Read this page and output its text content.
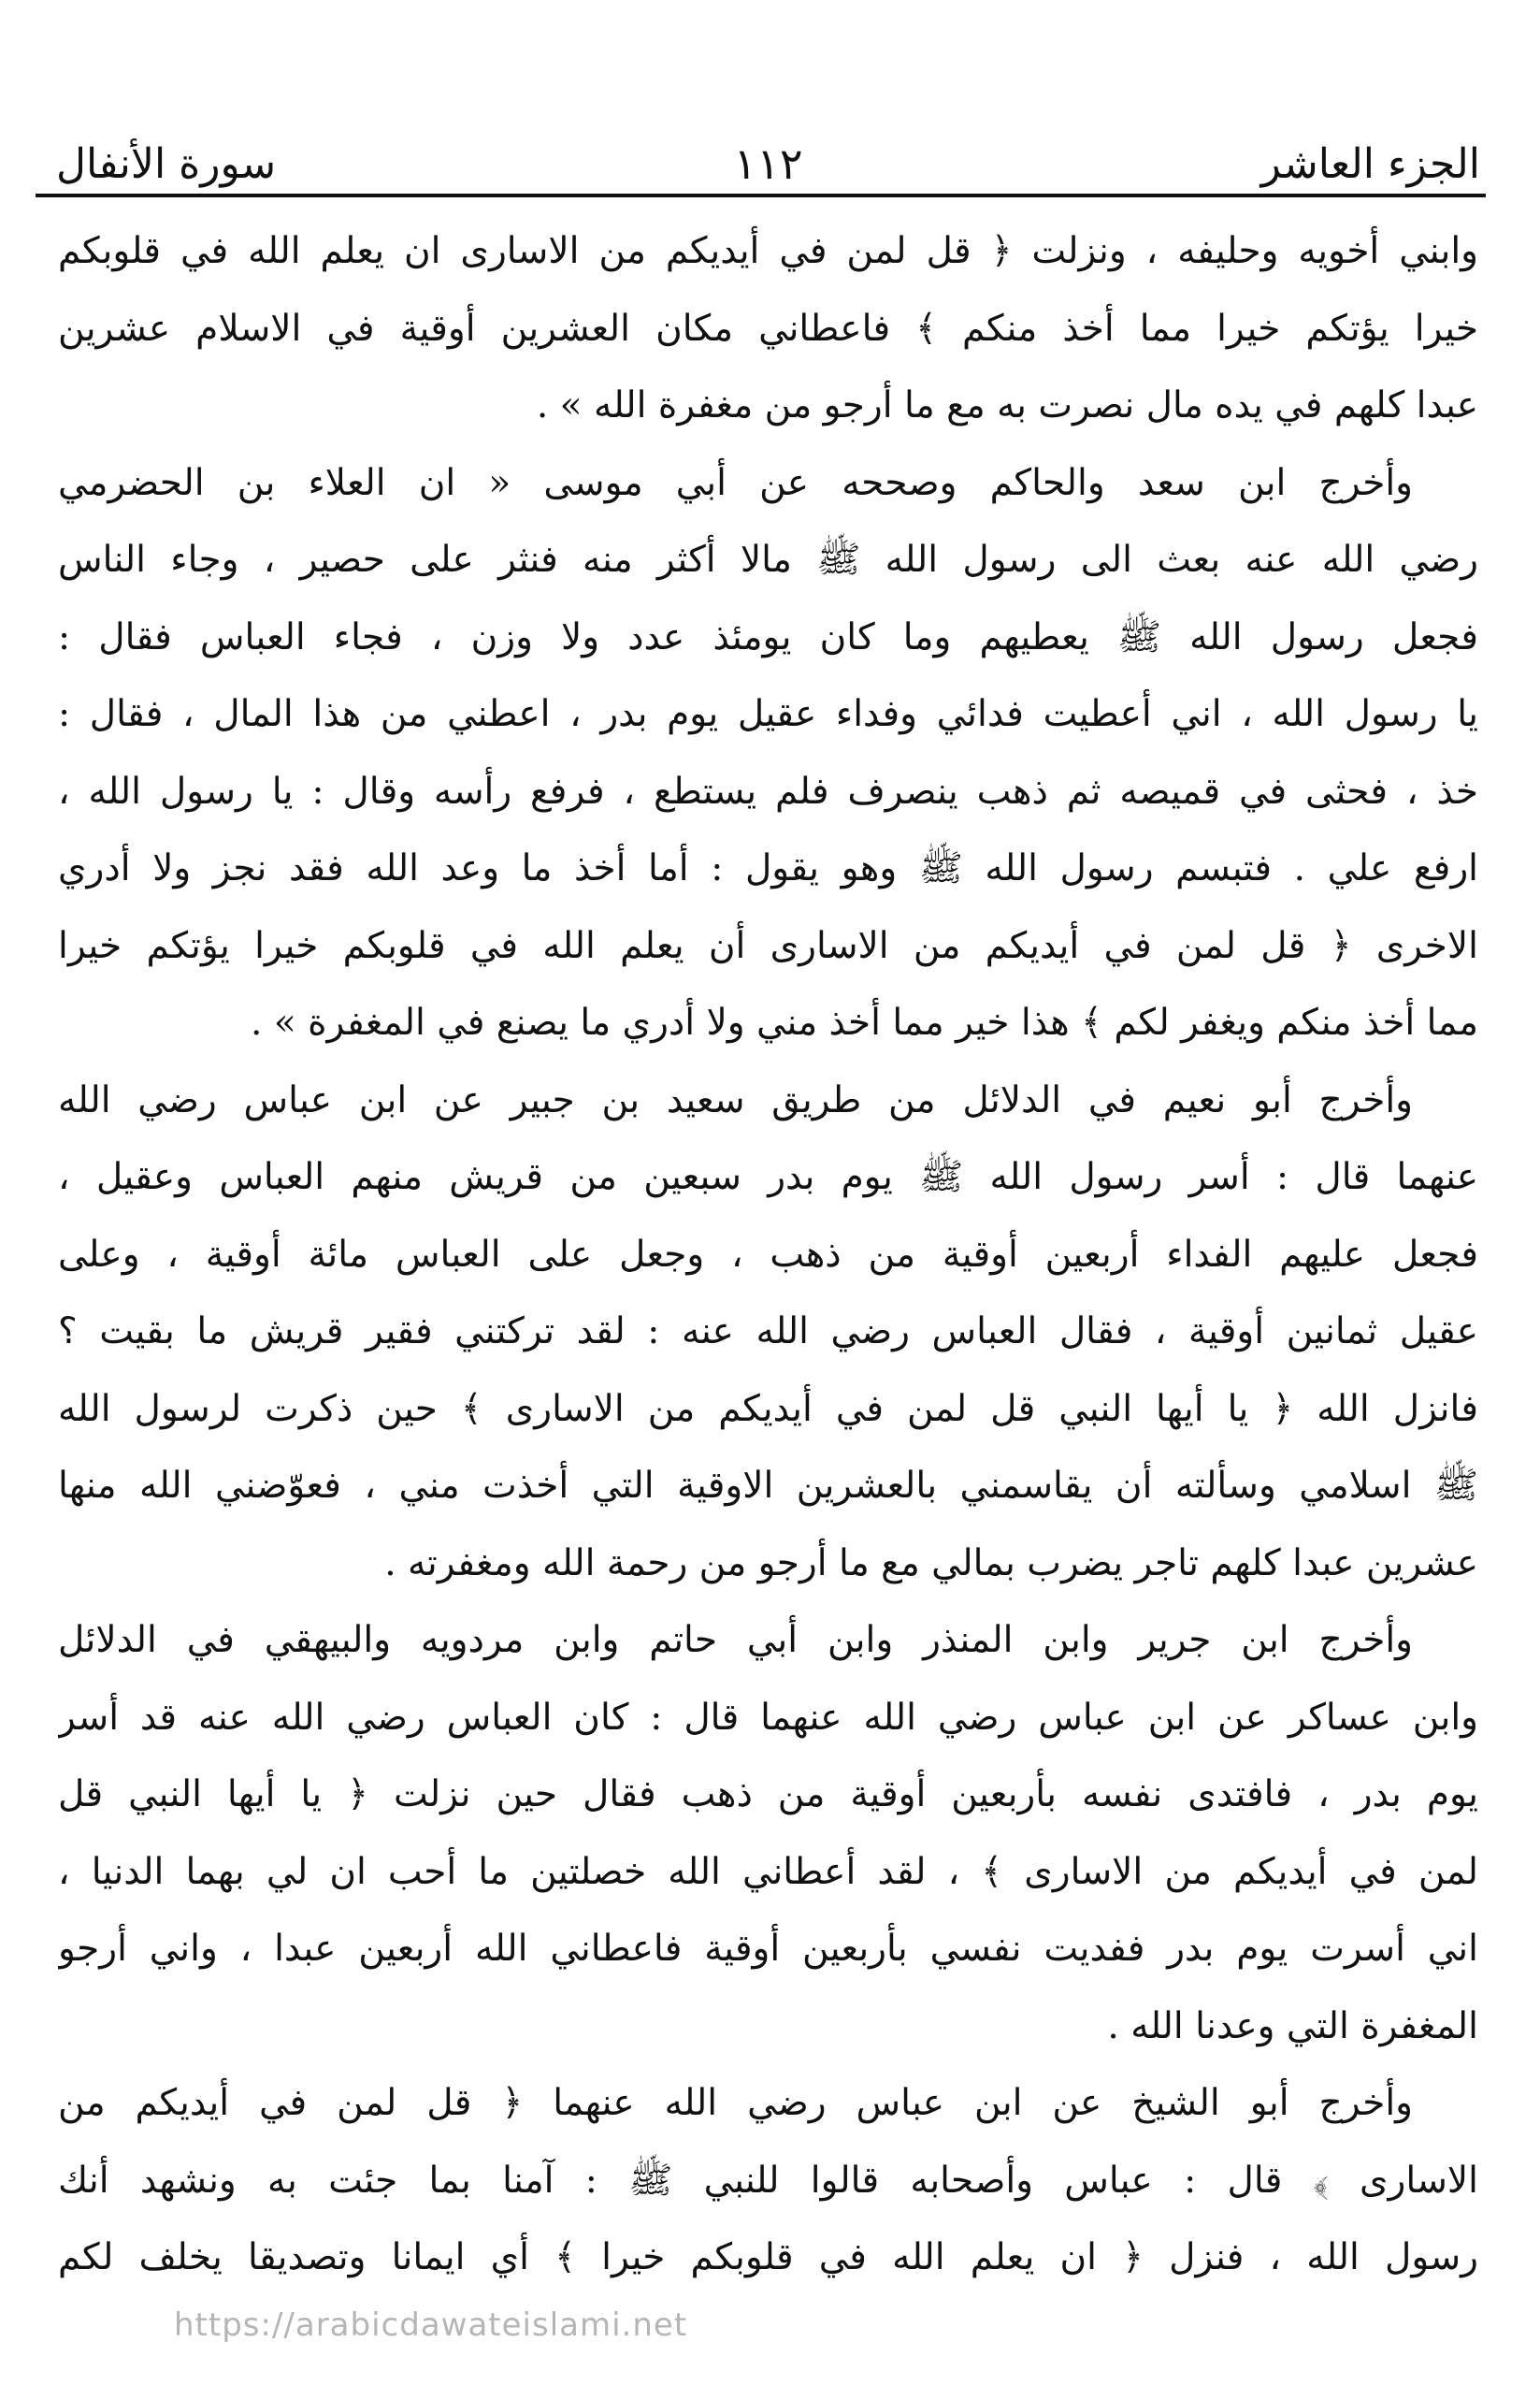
الجزء العاشر
١١٢
سورة الأنفال
وابني أخويه وحليفه ، ونزلت ﴿ قل لمن في أيديكم من الاسارى ان يعلم الله في قلوبكم
خيرا يؤتكم خيرا مما أخذ منكم ﴾ فاعطاني مكان العشرين أوقية في الاسلام عشرين
عبدا كلهم في يده مال نصرت به مع ما أرجو من مغفرة الله » .
وأخرج ابن سعد والحاكم وصححه عن أبي موسى « ان العلاء بن الحضرمي
رضي الله عنه بعث الى رسول الله ﷺ مالا أكثر منه فنثر على حصير ، وجاء الناس
فجعل رسول الله ﷺ يعطيهم وما كان يومئذ عدد ولا وزن ، فجاء العباس فقال :
يا رسول الله ، اني أعطيت فدائي وفداء عقيل يوم بدر ، اعطني من هذا المال ، فقال :
خذ ، فحثى في قميصه ثم ذهب ينصرف فلم يستطع ، فرفع رأسه وقال : يا رسول الله ،
ارفع علي . فتبسم رسول الله ﷺ وهو يقول : أما أخذ ما وعد الله فقد نجز ولا أدري
الاخرى ﴿ قل لمن في أيديكم من الاسارى أن يعلم الله في قلوبكم خيرا يؤتكم خيرا
مما أخذ منكم ويغفر لكم ﴾ هذا خير مما أخذ مني ولا أدري ما يصنع في المغفرة » .
وأخرج أبو نعيم في الدلائل من طريق سعيد بن جبير عن ابن عباس رضي الله
عنهما قال : أسر رسول الله ﷺ يوم بدر سبعين من قريش منهم العباس وعقيل ،
فجعل عليهم الفداء أربعين أوقية من ذهب ، وجعل على العباس مائة أوقية ، وعلى
عقيل ثمانين أوقية ، فقال العباس رضي الله عنه : لقد تركتني فقير قريش ما بقيت ؟
فانزل الله ﴿ يا أيها النبي قل لمن في أيديكم من الاسارى ﴾ حين ذكرت لرسول الله
ﷺ اسلامي وسألته أن يقاسمني بالعشرين الاوقية التي أخذت مني ، فعوّضني الله منها
عشرين عبدا كلهم تاجر يضرب بمالي مع ما أرجو من رحمة الله ومغفرته .
وأخرج ابن جرير وابن المنذر وابن أبي حاتم وابن مردويه والبيهقي في الدلائل
وابن عساكر عن ابن عباس رضي الله عنهما قال : كان العباس رضي الله عنه قد أسر
يوم بدر ، فافتدى نفسه بأربعين أوقية من ذهب فقال حين نزلت ﴿ يا أيها النبي قل
لمن في أيديكم من الاسارى ﴾ ، لقد أعطاني الله خصلتين ما أحب ان لي بهما الدنيا ،
اني أسرت يوم بدر ففديت نفسي بأربعين أوقية فاعطاني الله أربعين عبدا ، واني أرجو
المغفرة التي وعدنا الله .
وأخرج أبو الشيخ عن ابن عباس رضي الله عنهما ﴿ قل لمن في أيديكم من
الاسارى ﴾ قال : عباس وأصحابه قالوا للنبي ﷺ : آمنا بما جئت به ونشهد أنك
رسول الله ، فنزل ﴿ ان يعلم الله في قلوبكم خيرا ﴾ أي ايمانا وتصديقا يخلف لكم
https://arabicdawateislami.net
